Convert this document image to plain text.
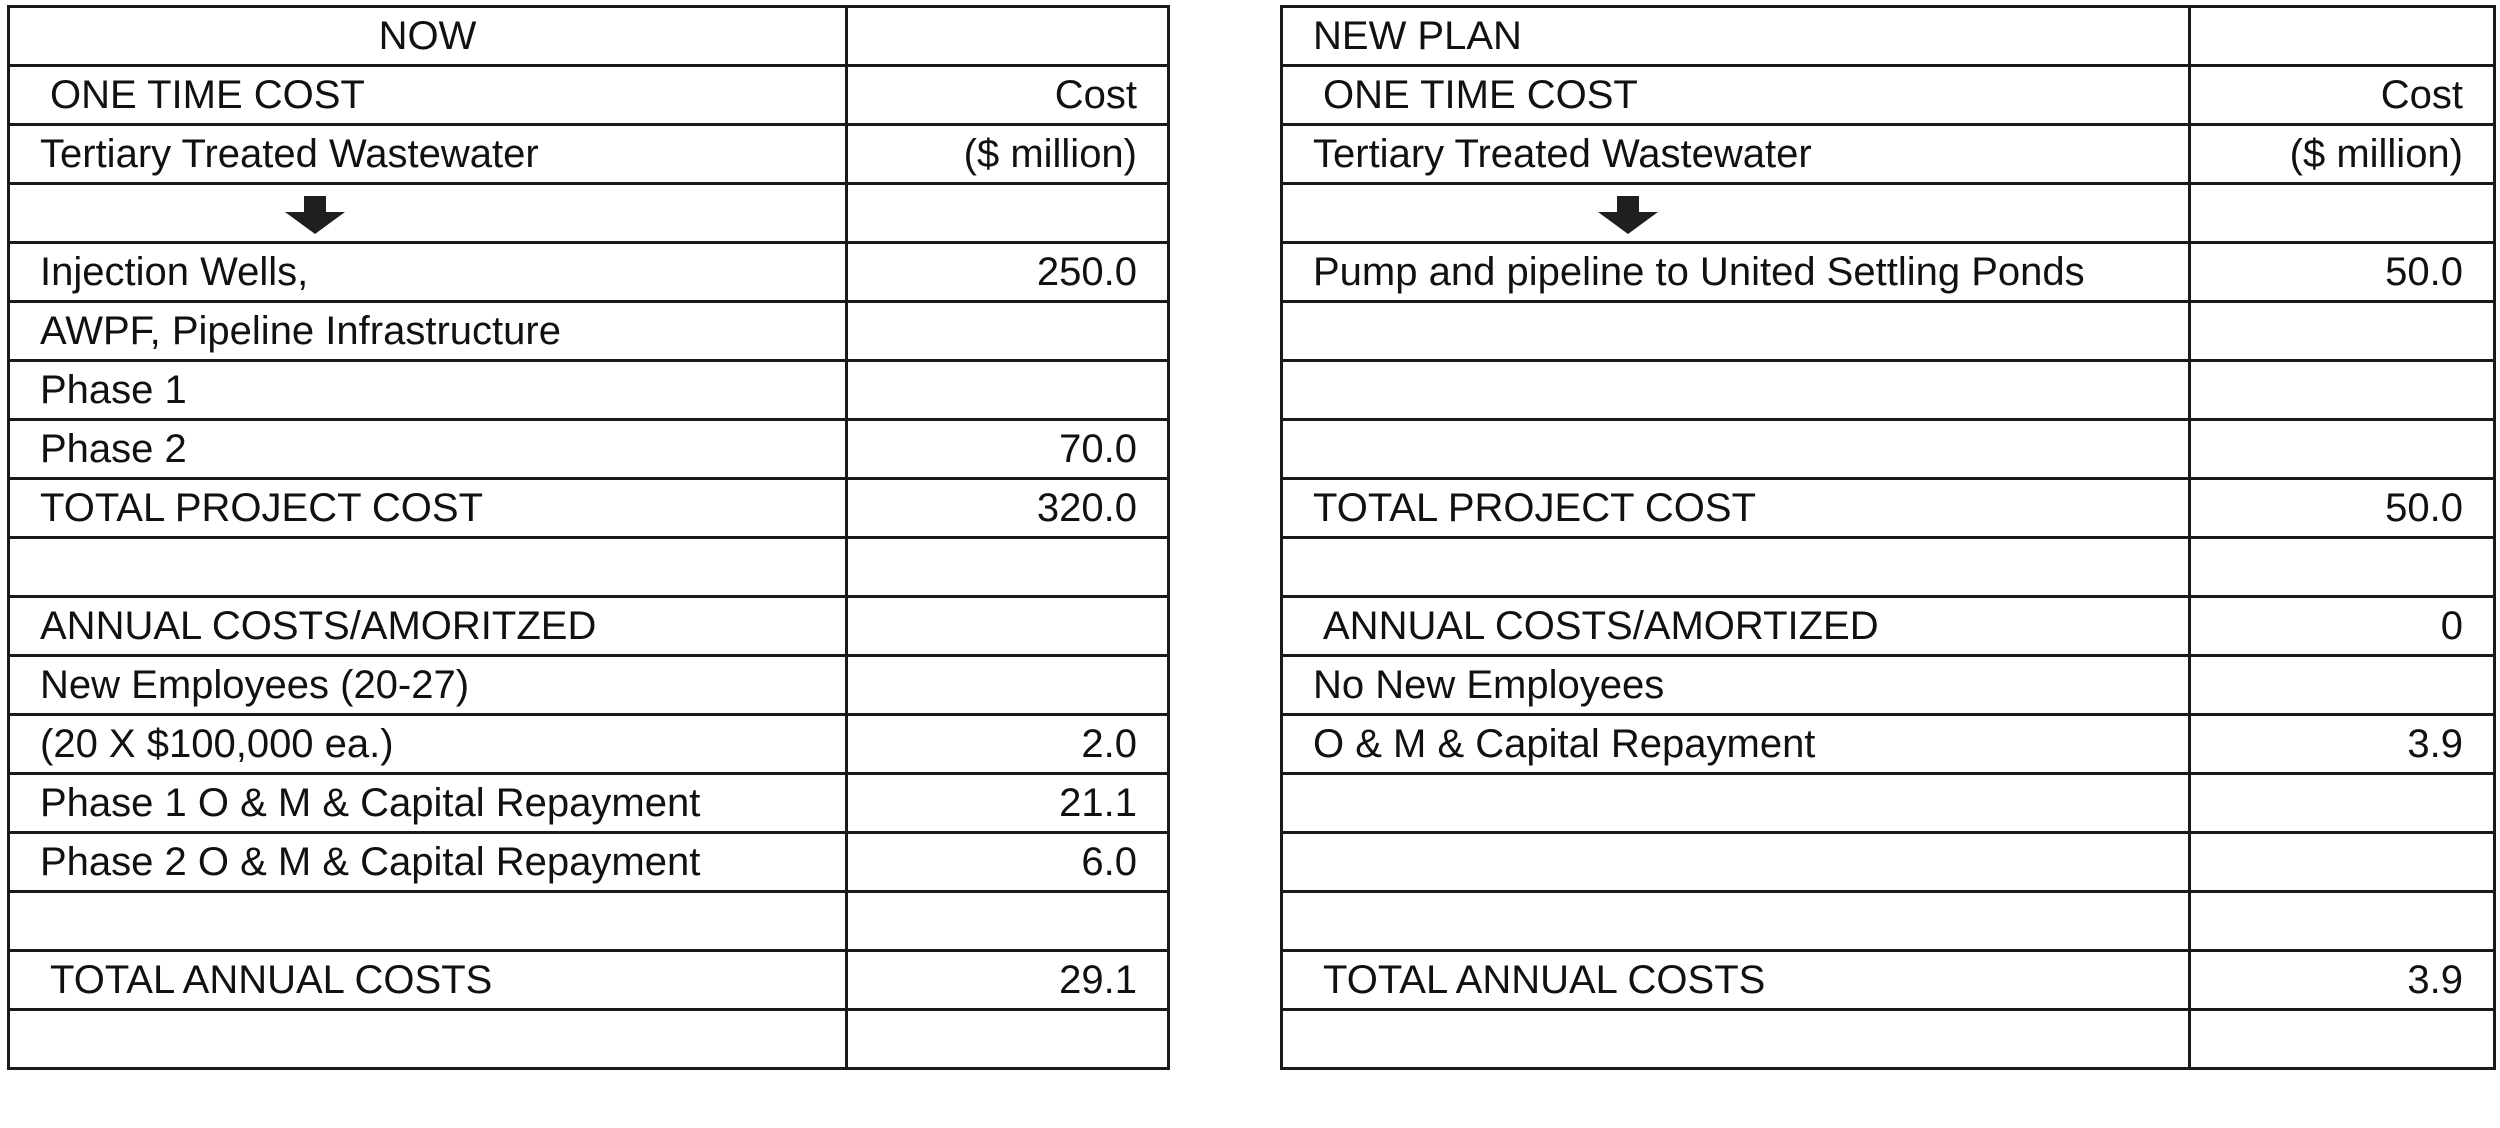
NOW	
ONE TIME COST	Cost
Tertiary Treated Wastewater	($ million)

Injection Wells,	250.0
AWPF, Pipeline Infrastructure	
Phase 1	
Phase 2	70.0
TOTAL PROJECT COST	320.0

ANNUAL COSTS/AMORITZED	
New Employees (20-27)	
(20 X $100,000 ea.)	2.0
Phase 1 O & M & Capital Repayment	21.1
Phase 2 O & M & Capital Repayment	6.0

TOTAL ANNUAL COSTS	29.1

NEW PLAN	
ONE TIME COST	Cost
Tertiary Treated Wastewater	($ million)

Pump and pipeline to United Settling Ponds	50.0

TOTAL PROJECT COST	50.0

ANNUAL COSTS/AMORTIZED	0
No New Employees	
O & M & Capital Repayment	3.9

TOTAL ANNUAL COSTS	3.9
